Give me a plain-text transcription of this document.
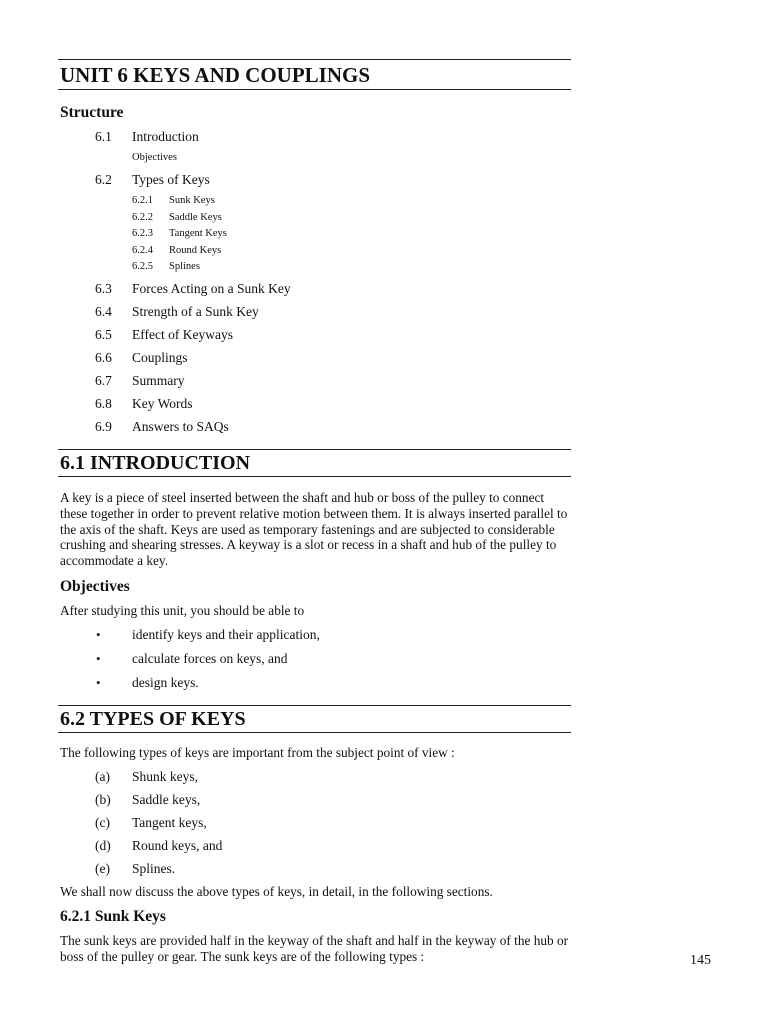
UNIT 6 KEYS AND COUPLINGS
Structure
6.1 Introduction
Objectives
6.2 Types of Keys
6.2.1 Sunk Keys
6.2.2 Saddle Keys
6.2.3 Tangent Keys
6.2.4 Round Keys
6.2.5 Splines
6.3 Forces Acting on a Sunk Key
6.4 Strength of a Sunk Key
6.5 Effect of Keyways
6.6 Couplings
6.7 Summary
6.8 Key Words
6.9 Answers to SAQs
6.1 INTRODUCTION
A key is a piece of steel inserted between the shaft and hub or boss of the pulley to connect these together in order to prevent relative motion between them. It is always inserted parallel to the axis of the shaft. Keys are used as temporary fastenings and are subjected to considerable crushing and shearing stresses. A keyway is a slot or recess in a shaft and hub of the pulley to accommodate a key.
Objectives
After studying this unit, you should be able to
• identify keys and their application,
• calculate forces on keys, and
• design keys.
6.2 TYPES OF KEYS
The following types of keys are important from the subject point of view :
(a) Shunk keys,
(b) Saddle keys,
(c) Tangent keys,
(d) Round keys, and
(e) Splines.
We shall now discuss the above types of keys, in detail, in the following sections.
6.2.1 Sunk Keys
The sunk keys are provided half in the keyway of the shaft and half in the keyway of the hub or boss of the pulley or gear. The sunk keys are of the following types :	145
